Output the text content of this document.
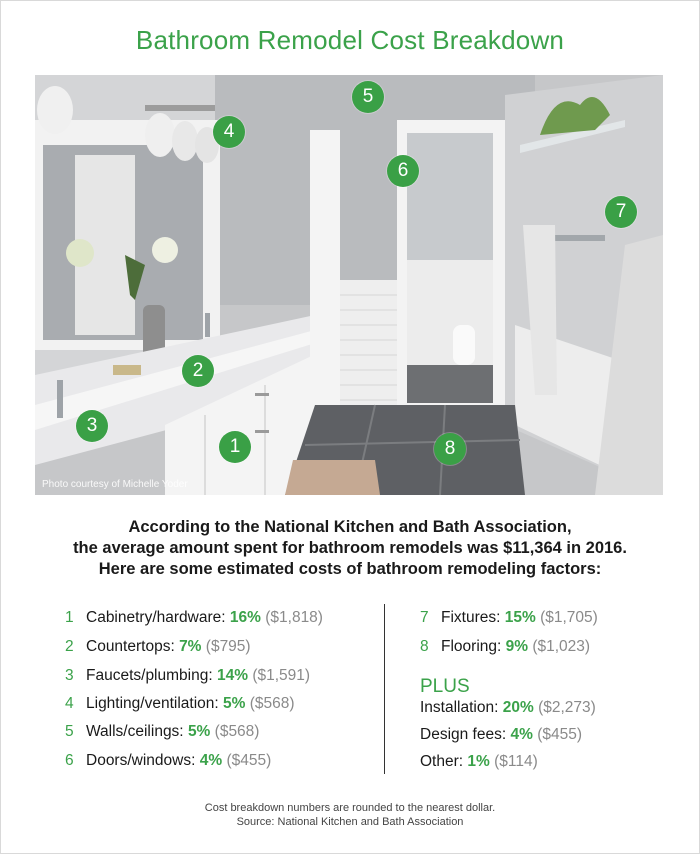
Bathroom Remodel Cost Breakdown
1
2
3
4
5
6
7
8
Photo courtesy of Michelle Yoder
According to the National Kitchen and Bath Association,
the average amount spent for bathroom remodels was $11,364 in 2016.
Here are some estimated costs of bathroom remodeling factors:
1 Cabinetry/hardware: 16% ($1,818)
2 Countertops: 7% ($795)
3 Faucets/plumbing: 14% ($1,591)
4 Lighting/ventilation: 5% ($568)
5 Walls/ceilings: 5% ($568)
6 Doors/windows: 4% ($455)
7 Fixtures: 15% ($1,705)
8 Flooring: 9% ($1,023)
PLUS
Installation: 20% ($2,273)
Design fees: 4% ($455)
Other: 1% ($114)
Cost breakdown numbers are rounded to the nearest dollar.
Source: National Kitchen and Bath Association
